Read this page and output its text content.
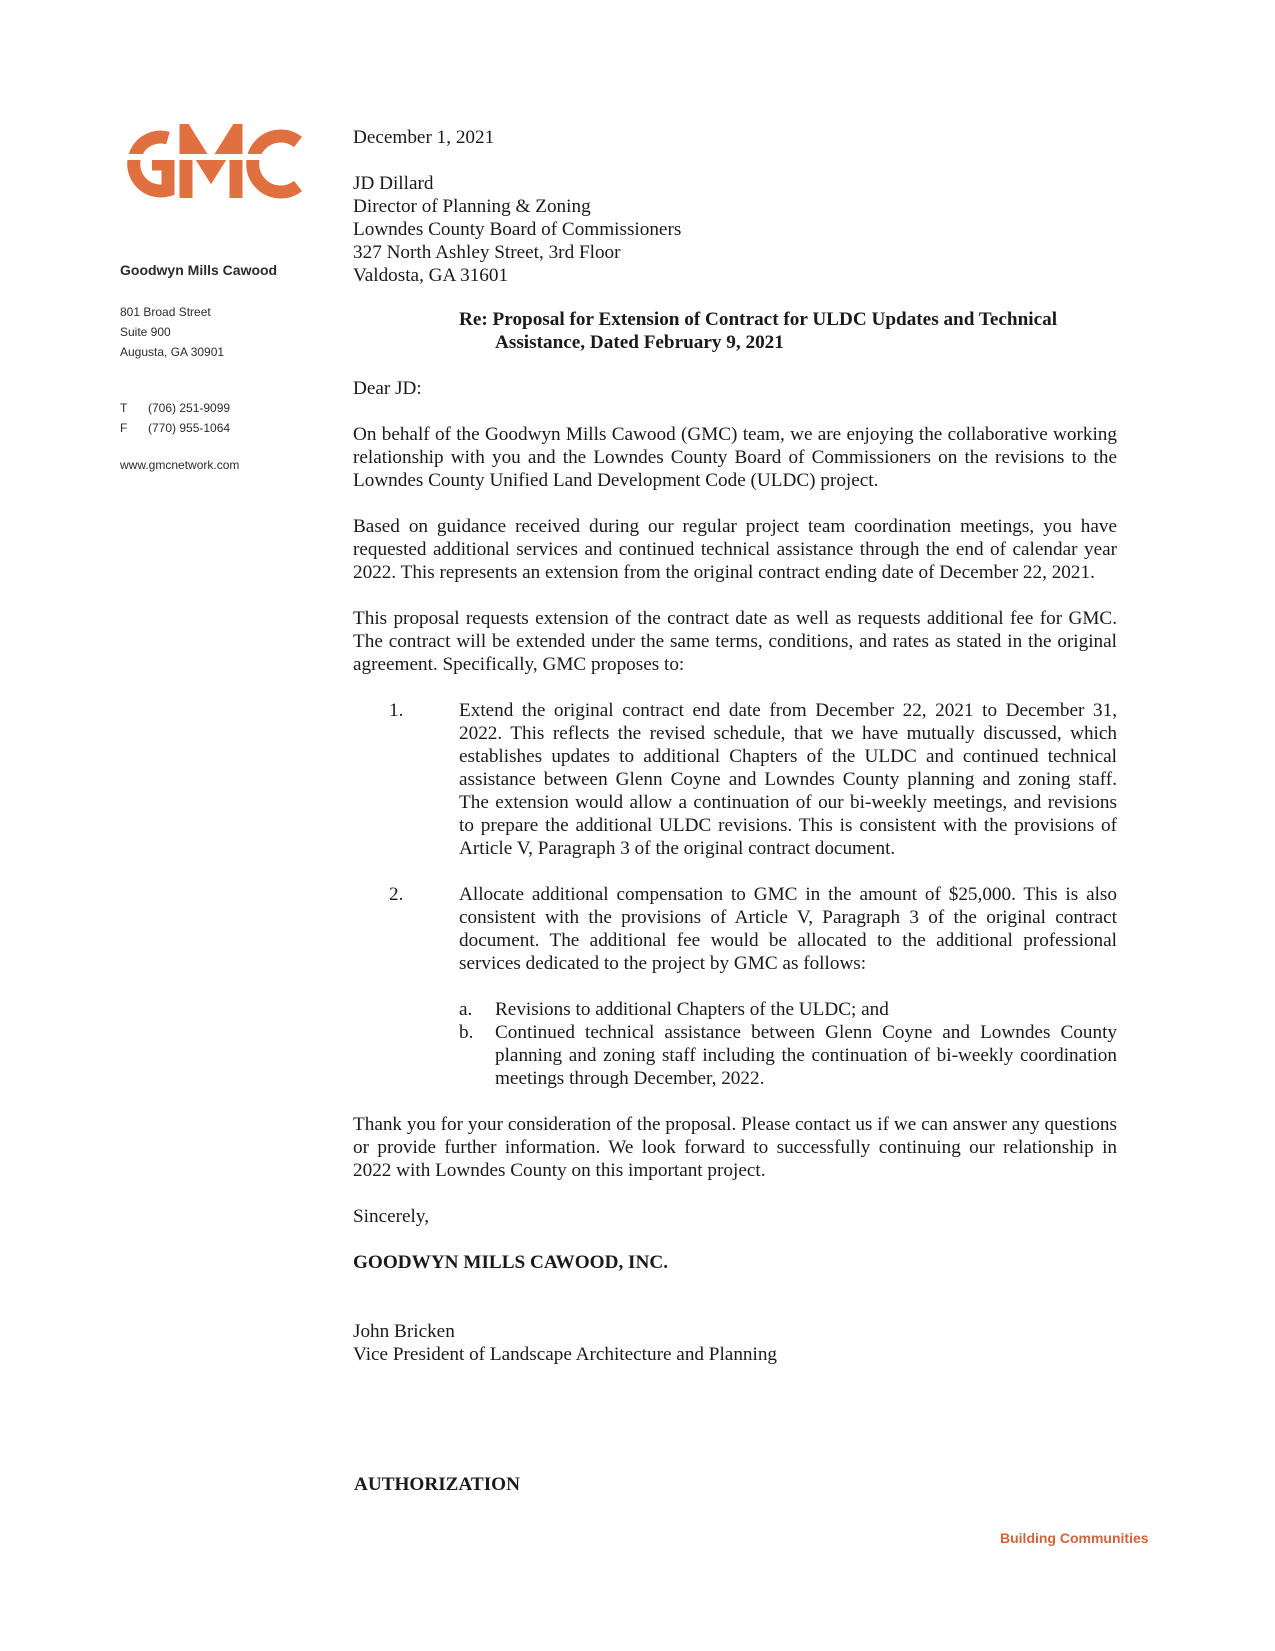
Goodwyn Mills Cawood

801 Broad Street
Suite 900
Augusta, GA 30901
T (706) 251-9099
F (770) 955-1064
www.gmcnetwork.com

December 1, 2021

JD Dillard

Director of Planning & Zoning

Lowndes County Board of Commissioners

327 North Ashley Street, 3rd Floor

Valdosta, GA 31601

Re: Proposal for Extension of Contract for ULDC Updates and Technical
Assistance, Dated February 9, 2021

Dear JD:

On behalf of the Goodwyn Mills Cawood (GMC) team, we are enjoying the collaborative working relationship with you and the Lowndes County Board of Commissioners on the revisions to the Lowndes County Unified Land Development Code (ULDC) project.

Based on guidance received during our regular project team coordination meetings, you have requested additional services and continued technical assistance through the end of calendar year 2022. This represents an extension from the original contract ending date of December 22, 2021.

This proposal requests extension of the contract date as well as requests additional fee for GMC. The contract will be extended under the same terms, conditions, and rates as stated in the original agreement. Specifically, GMC proposes to:

1.	Extend the original contract end date from December 22, 2021 to December 31, 2022. This reflects the revised schedule, that we have mutually discussed, which establishes updates to additional Chapters of the ULDC and continued technical assistance between Glenn Coyne and Lowndes County planning and zoning staff. The extension would allow a continuation of our bi-weekly meetings, and revisions to prepare the additional ULDC revisions. This is consistent with the provisions of Article V, Paragraph 3 of the original contract document.
2.	Allocate additional compensation to GMC in the amount of $25,000. This is also consistent with the provisions of Article V, Paragraph 3 of the original contract document. The additional fee would be allocated to the additional professional services dedicated to the project by GMC as follows:
a.	Revisions to additional Chapters of the ULDC; and
b.	Continued technical assistance between Glenn Coyne and Lowndes County planning and zoning staff including the continuation of bi-weekly coordination meetings through December, 2022.

Thank you for your consideration of the proposal. Please contact us if we can answer any questions or provide further information. We look forward to successfully continuing our relationship in 2022 with Lowndes County on this important project.

Sincerely,

GOODWYN MILLS CAWOOD, INC.

John Bricken

Vice President of Landscape Architecture and Planning

AUTHORIZATION
Building Communities
